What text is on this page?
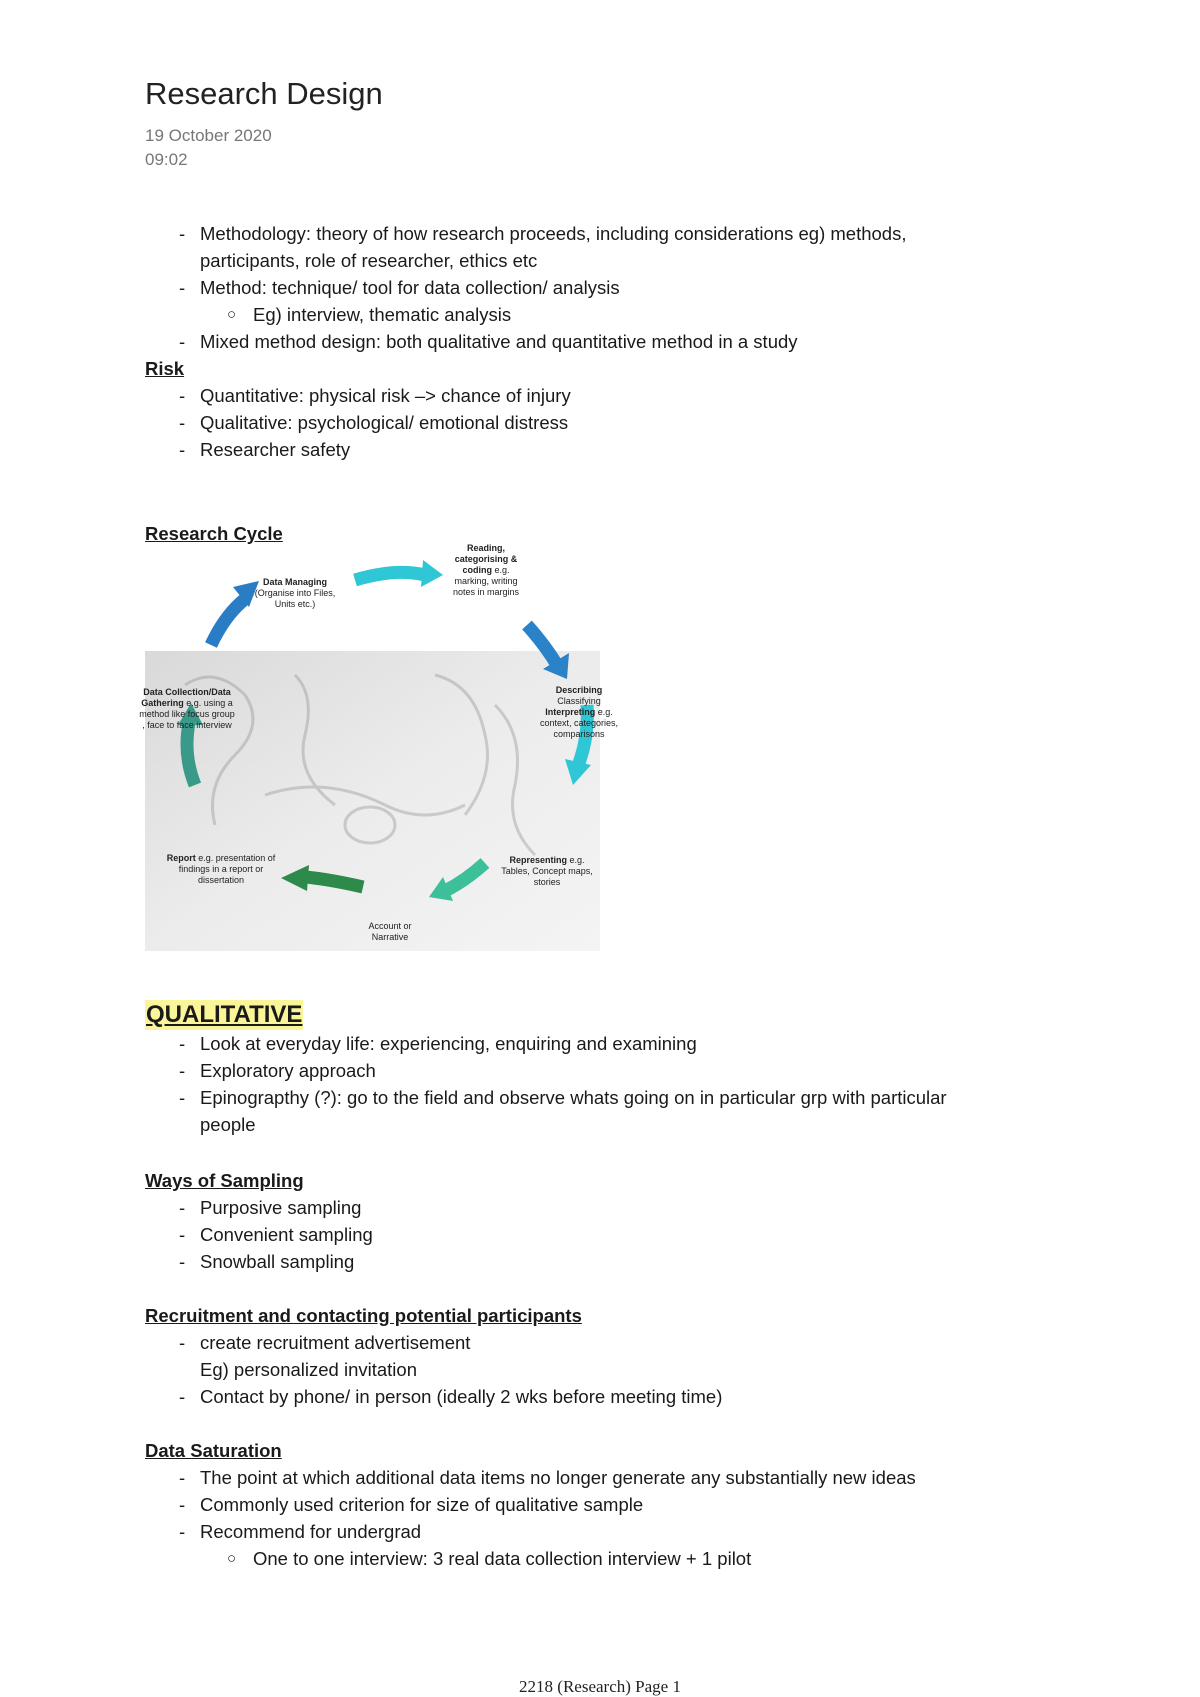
Research Design
19 October 2020
09:02
- Methodology: theory of how research proceeds, including considerations eg) methods,
participants, role of researcher, ethics etc
- Method: technique/ tool for data collection/ analysis
○ Eg) interview, thematic analysis
- Mixed method design: both qualitative and quantitative method in a study
Risk
- Quantitative: physical risk –> chance of injury
- Qualitative: psychological/ emotional distress
- Researcher safety
Research Cycle
Data Managing
(Organise into Files, Units etc.)
Reading, categorising & coding e.g. marking, writing notes in margins
Describing
Classifying
Interpreting e.g. context, categories, comparisons
Representing e.g. Tables, Concept maps, stories
Account or Narrative
Report e.g. presentation of findings in a report or dissertation
Data Collection/Data Gathering e.g. using a method like focus group , face to face interview
QUALITATIVE
- Look at everyday life: experiencing, enquiring and examining
- Exploratory approach
- Epinograpthy (?): go to the field and observe whats going on in particular grp with particular
people
Ways of Sampling
- Purposive sampling
- Convenient sampling
- Snowball sampling
Recruitment and contacting potential participants
- create recruitment advertisement
Eg) personalized invitation
- Contact by phone/ in person (ideally 2 wks before meeting time)
Data Saturation
- The point at which additional data items no longer generate any substantially new ideas
- Commonly used criterion for size of qualitative sample
- Recommend for undergrad
○ One to one interview: 3 real data collection interview + 1 pilot
2218 (Research) Page 1
